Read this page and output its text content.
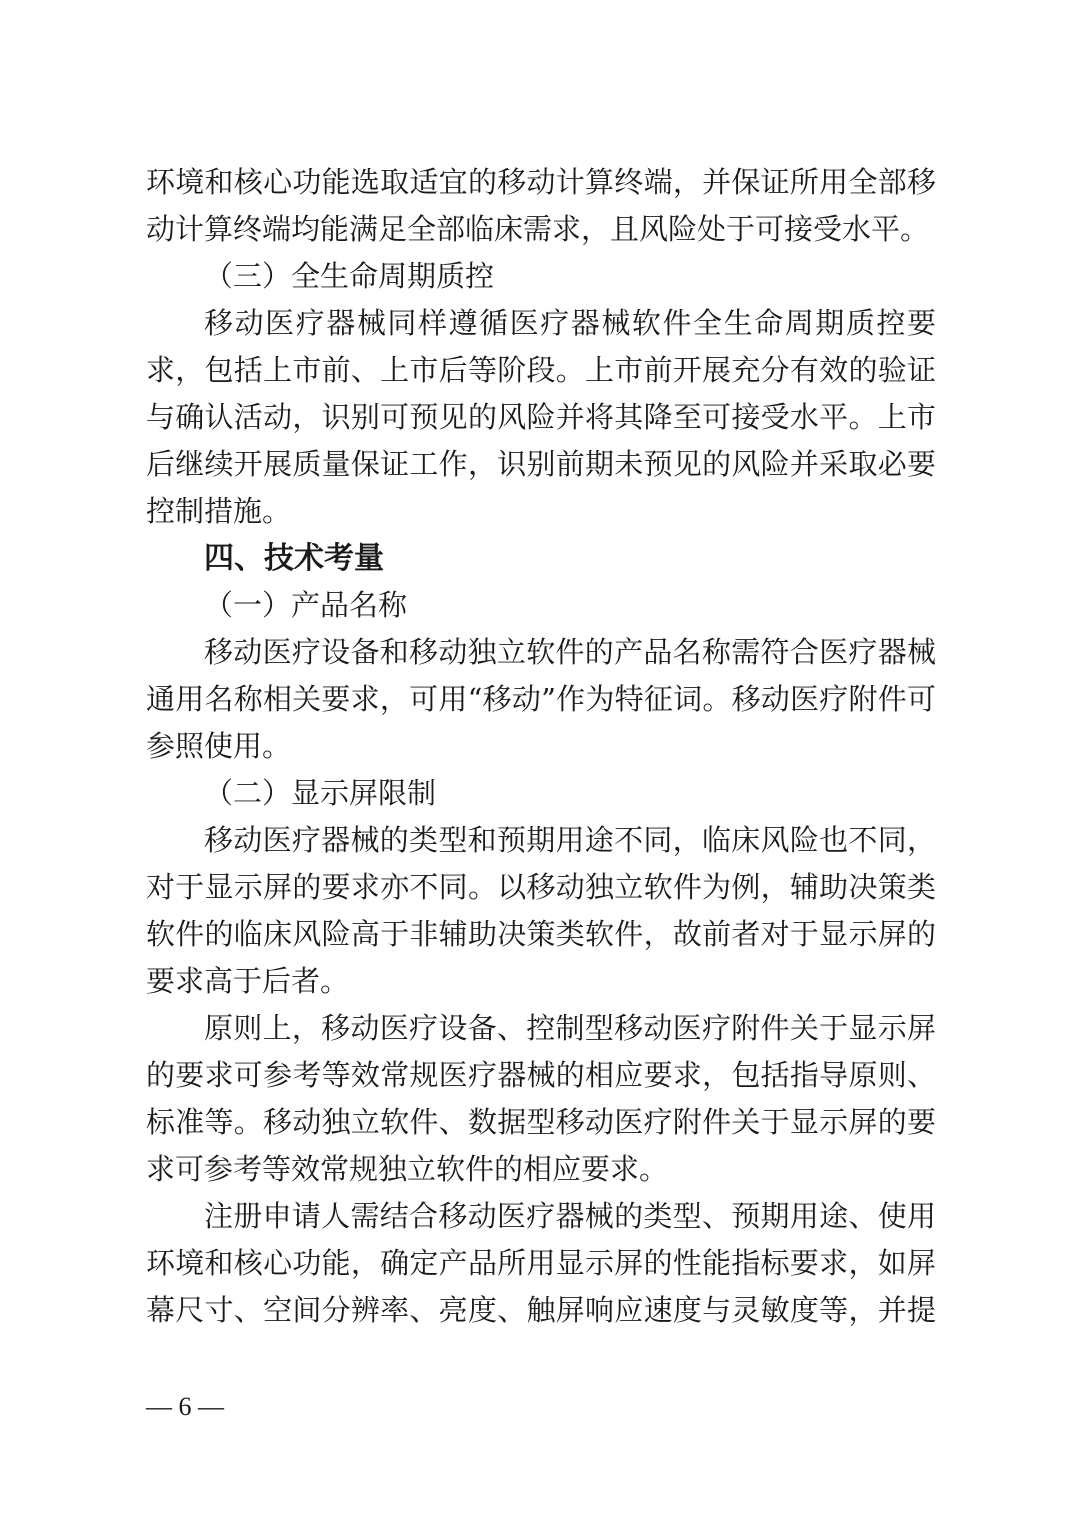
环境和核心功能选取适宜的移动计算终端，并保证所用全部移
动计算终端均能满足全部临床需求，且风险处于可接受水平。
（三）全生命周期质控
移动医疗器械同样遵循医疗器械软件全生命周期质控要
求，包括上市前、上市后等阶段。上市前开展充分有效的验证
与确认活动，识别可预见的风险并将其降至可接受水平。上市
后继续开展质量保证工作，识别前期未预见的风险并采取必要
控制措施。
四、技术考量
（一）产品名称
移动医疗设备和移动独立软件的产品名称需符合医疗器械
通用名称相关要求，可用“移动”作为特征词。移动医疗附件可
参照使用。
（二）显示屏限制
移动医疗器械的类型和预期用途不同，临床风险也不同，
对于显示屏的要求亦不同。以移动独立软件为例，辅助决策类
软件的临床风险高于非辅助决策类软件，故前者对于显示屏的
要求高于后者。
原则上，移动医疗设备、控制型移动医疗附件关于显示屏
的要求可参考等效常规医疗器械的相应要求，包括指导原则、
标准等。移动独立软件、数据型移动医疗附件关于显示屏的要
求可参考等效常规独立软件的相应要求。
注册申请人需结合移动医疗器械的类型、预期用途、使用
环境和核心功能，确定产品所用显示屏的性能指标要求，如屏
幕尺寸、空间分辨率、亮度、触屏响应速度与灵敏度等，并提
— 6 —
